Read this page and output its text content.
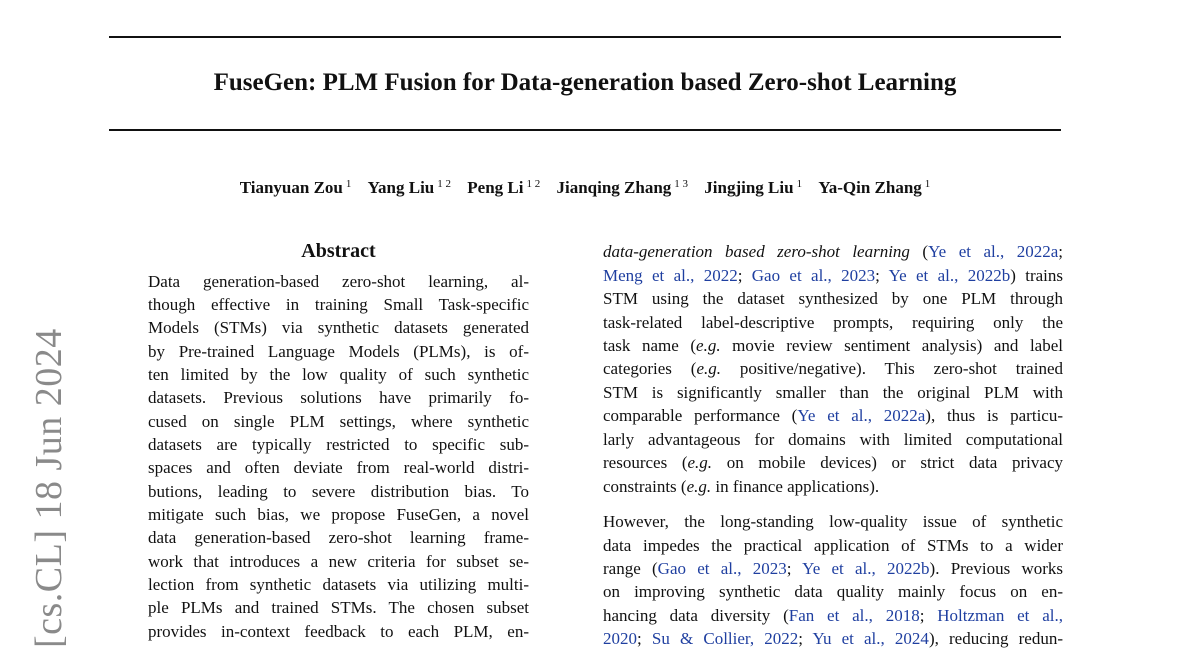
FuseGen: PLM Fusion for Data-generation based Zero-shot Learning
Tianyuan Zou $^1$ Yang Liu $^{1 2}$ Peng Li $^{1 2}$ Jianqing Zhang $^{1 3}$ Jingjing Liu $^1$ Ya-Qin Zhang $^1$
[cs.CL] 18 Jun 2024
Abstract
Data generation-based zero-shot learning, al-
though effective in training Small Task-specific
Models (STMs) via synthetic datasets generated
by Pre-trained Language Models (PLMs), is of-
ten limited by the low quality of such synthetic
datasets. Previous solutions have primarily fo-
cused on single PLM settings, where synthetic
datasets are typically restricted to specific sub-
spaces and often deviate from real-world distri-
butions, leading to severe distribution bias. To
mitigate such bias, we propose FuseGen, a novel
data generation-based zero-shot learning frame-
work that introduces a new criteria for subset se-
lection from synthetic datasets via utilizing multi-
ple PLMs and trained STMs. The chosen subset
provides in-context feedback to each PLM, en-
data-generation based zero-shot learning (Ye et al., 2022a;
Meng et al., 2022; Gao et al., 2023; Ye et al., 2022b) trains
STM using the dataset synthesized by one PLM through
task-related label-descriptive prompts, requiring only the
task name (e.g. movie review sentiment analysis) and label
categories (e.g. positive/negative). This zero-shot trained
STM is significantly smaller than the original PLM with
comparable performance (Ye et al., 2022a), thus is particu-
larly advantageous for domains with limited computational
resources (e.g. on mobile devices) or strict data privacy
constraints (e.g. in finance applications).
However, the long-standing low-quality issue of synthetic
data impedes the practical application of STMs to a wider
range (Gao et al., 2023; Ye et al., 2022b). Previous works
on improving synthetic data quality mainly focus on en-
hancing data diversity (Fan et al., 2018; Holtzman et al.,
2020; Su & Collier, 2022; Yu et al., 2024), reducing redun-
